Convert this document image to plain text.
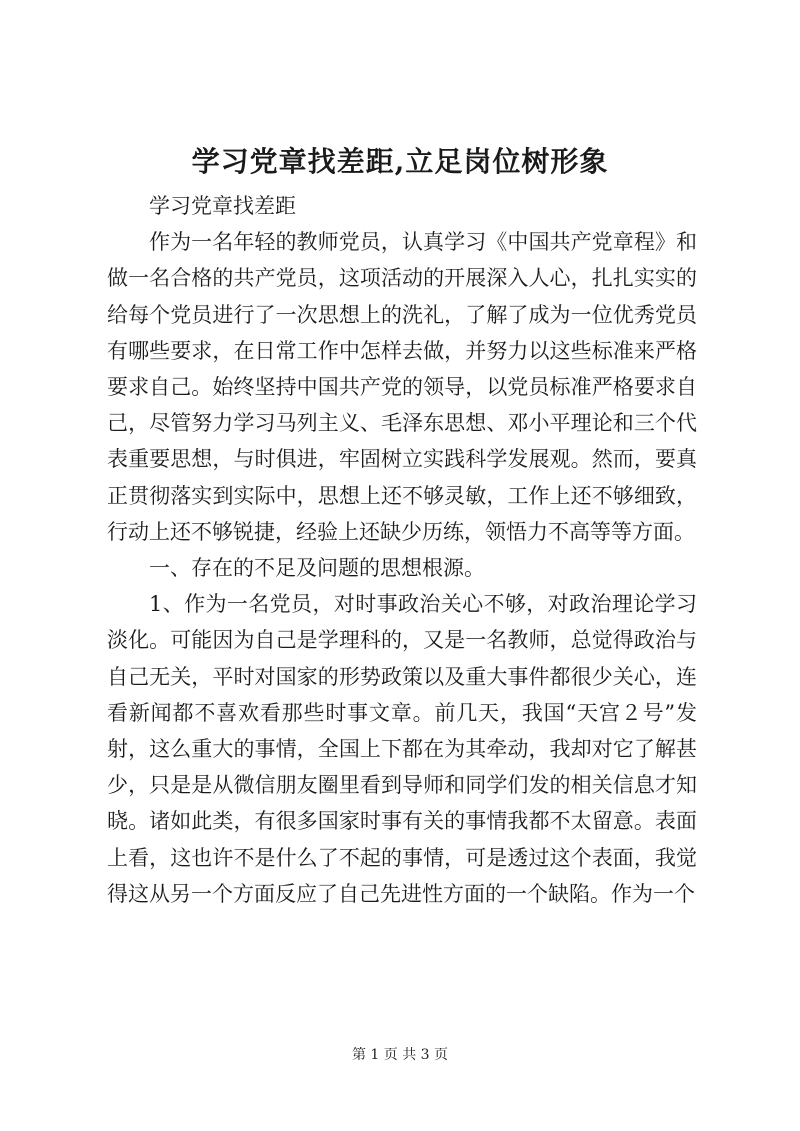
学习党章找差距,立足岗位树形象

学习党章找差距

作为一名年轻的教师党员，认真学习《中国共产党章程》和做一名合格的共产党员，这项活动的开展深入人心，扎扎实实的给每个党员进行了一次思想上的洗礼，了解了成为一位优秀党员有哪些要求，在日常工作中怎样去做，并努力以这些标准来严格要求自己。始终坚持中国共产党的领导，以党员标准严格要求自己，尽管努力学习马列主义、毛泽东思想、邓小平理论和三个代表重要思想，与时俱进，牢固树立实践科学发展观。然而，要真正贯彻落实到实际中，思想上还不够灵敏，工作上还不够细致，行动上还不够锐捷，经验上还缺少历练，领悟力不高等等方面。

一、存在的不足及问题的思想根源。

1、作为一名党员，对时事政治关心不够，对政治理论学习淡化。可能因为自己是学理科的，又是一名教师，总觉得政治与自己无关，平时对国家的形势政策以及重大事件都很少关心，连看新闻都不喜欢看那些时事文章。前几天，我国“天宫２号”发射，这么重大的事情，全国上下都在为其牵动，我却对它了解甚少，只是是从微信朋友圈里看到导师和同学们发的相关信息才知晓。诸如此类，有很多国家时事有关的事情我都不太留意。表面上看，这也许不是什么了不起的事情，可是透过这个表面，我觉得这从另一个方面反应了自己先进性方面的一个缺陷。作为一个

第 1 页 共 3 页
